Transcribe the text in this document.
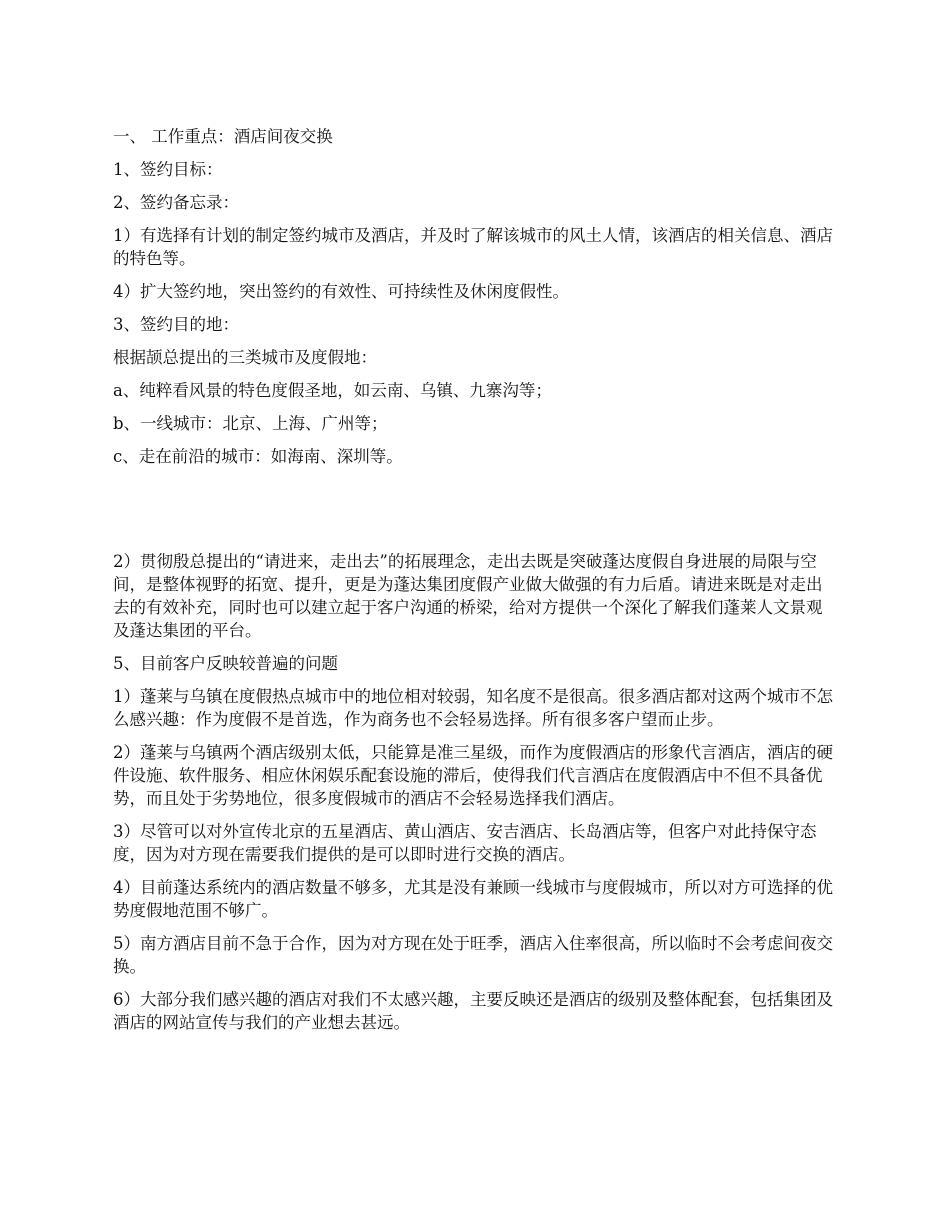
一、 工作重点：酒店间夜交换

1、签约目标：

2、签约备忘录：

1）有选择有计划的制定签约城市及酒店，并及时了解该城市的风土人情，该酒店的相关信息、酒店的特色等。

4）扩大签约地，突出签约的有效性、可持续性及休闲度假性。

3、签约目的地：

根据颉总提出的三类城市及度假地：

a、纯粹看风景的特色度假圣地，如云南、乌镇、九寨沟等；

b、一线城市：北京、上海、广州等；

c、走在前沿的城市：如海南、深圳等。

2）贯彻殷总提出的“请进来，走出去”的拓展理念，走出去既是突破蓬达度假自身进展的局限与空间，是整体视野的拓宽、提升，更是为蓬达集团度假产业做大做强的有力后盾。请进来既是对走出去的有效补充，同时也可以建立起于客户沟通的桥梁，给对方提供一个深化了解我们蓬莱人文景观及蓬达集团的平台。

5、目前客户反映较普遍的问题

1）蓬莱与乌镇在度假热点城市中的地位相对较弱，知名度不是很高。很多酒店都对这两个城市不怎么感兴趣：作为度假不是首选，作为商务也不会轻易选择。所有很多客户望而止步。

2）蓬莱与乌镇两个酒店级别太低，只能算是准三星级，而作为度假酒店的形象代言酒店，酒店的硬件设施、软件服务、相应休闲娱乐配套设施的滞后，使得我们代言酒店在度假酒店中不但不具备优势，而且处于劣势地位，很多度假城市的酒店不会轻易选择我们酒店。

3）尽管可以对外宣传北京的五星酒店、黄山酒店、安吉酒店、长岛酒店等，但客户对此持保守态度，因为对方现在需要我们提供的是可以即时进行交换的酒店。

4）目前蓬达系统内的酒店数量不够多，尤其是没有兼顾一线城市与度假城市，所以对方可选择的优势度假地范围不够广。

5）南方酒店目前不急于合作，因为对方现在处于旺季，酒店入住率很高，所以临时不会考虑间夜交换。

6）大部分我们感兴趣的酒店对我们不太感兴趣，主要反映还是酒店的级别及整体配套，包括集团及酒店的网站宣传与我们的产业想去甚远。
